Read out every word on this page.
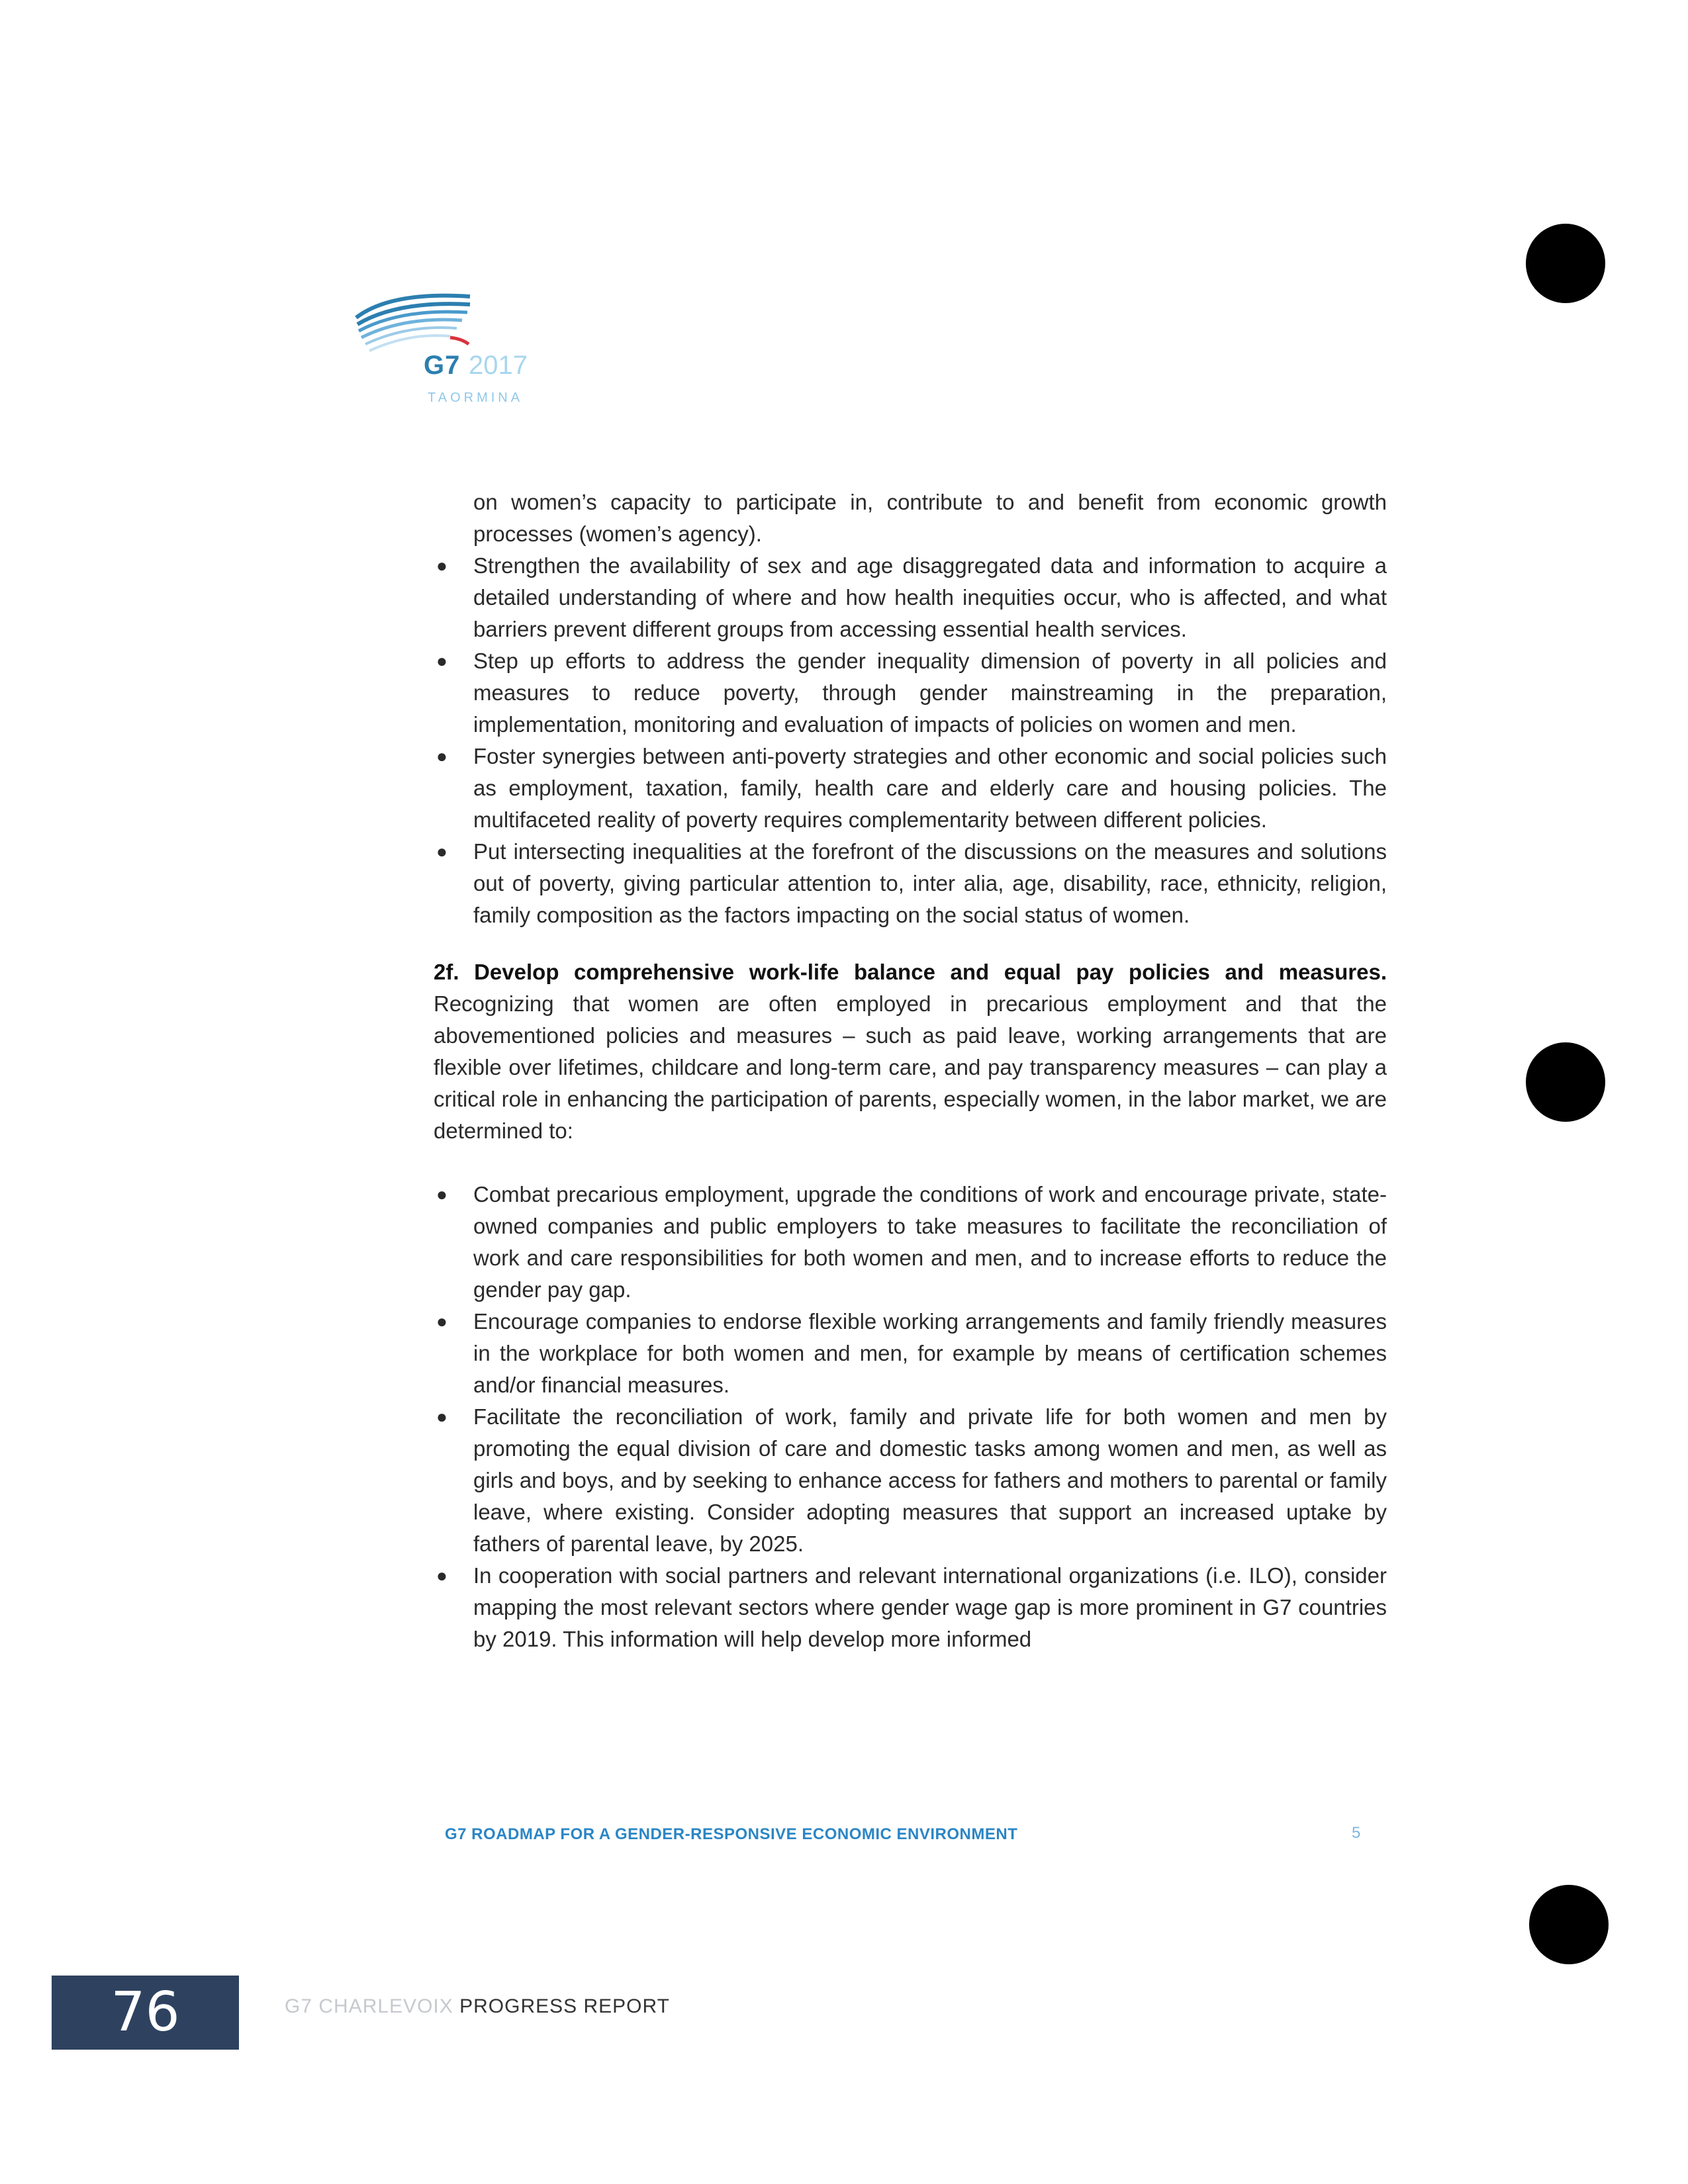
G7 2017
TAORMINA

on women’s capacity to participate in, contribute to and benefit from economic growth processes (women’s agency).

● Strengthen the availability of sex and age disaggregated data and information to acquire a detailed understanding of where and how health inequities occur, who is affected, and what barriers prevent different groups from accessing essential health services.
● Step up efforts to address the gender inequality dimension of poverty in all policies and measures to reduce poverty, through gender mainstreaming in the preparation, implementation, monitoring and evaluation of impacts of policies on women and men.
● Foster synergies between anti-poverty strategies and other economic and social policies such as employment, taxation, family, health care and elderly care and housing policies. The multifaceted reality of poverty requires complementarity between different policies.
● Put intersecting inequalities at the forefront of the discussions on the measures and solutions out of poverty, giving particular attention to, inter alia, age, disability, race, ethnicity, religion, family composition as the factors impacting on the social status of women.
2f. Develop comprehensive work-life balance and equal pay policies and measures. Recognizing that women are often employed in precarious employment and that the abovementioned policies and measures – such as paid leave, working arrangements that are flexible over lifetimes, childcare and long-term care, and pay transparency measures – can play a critical role in enhancing the participation of parents, especially women, in the labor market, we are determined to:
● Combat precarious employment, upgrade the conditions of work and encourage private, state-owned companies and public employers to take measures to facilitate the reconciliation of work and care responsibilities for both women and men, and to increase efforts to reduce the gender pay gap.
● Encourage companies to endorse flexible working arrangements and family friendly measures in the workplace for both women and men, for example by means of certification schemes and/or financial measures.
● Facilitate the reconciliation of work, family and private life for both women and men by promoting the equal division of care and domestic tasks among women and men, as well as girls and boys, and by seeking to enhance access for fathers and mothers to parental or family leave, where existing. Consider adopting measures that support an increased uptake by fathers of parental leave, by 2025.
● In cooperation with social partners and relevant international organizations (i.e. ILO), consider mapping the most relevant sectors where gender wage gap is more prominent in G7 countries by 2019. This information will help develop more informed
G7 ROADMAP FOR A GENDER-RESPONSIVE ECONOMIC ENVIRONMENT	5
76	G7 CHARLEVOIX PROGRESS REPORT
